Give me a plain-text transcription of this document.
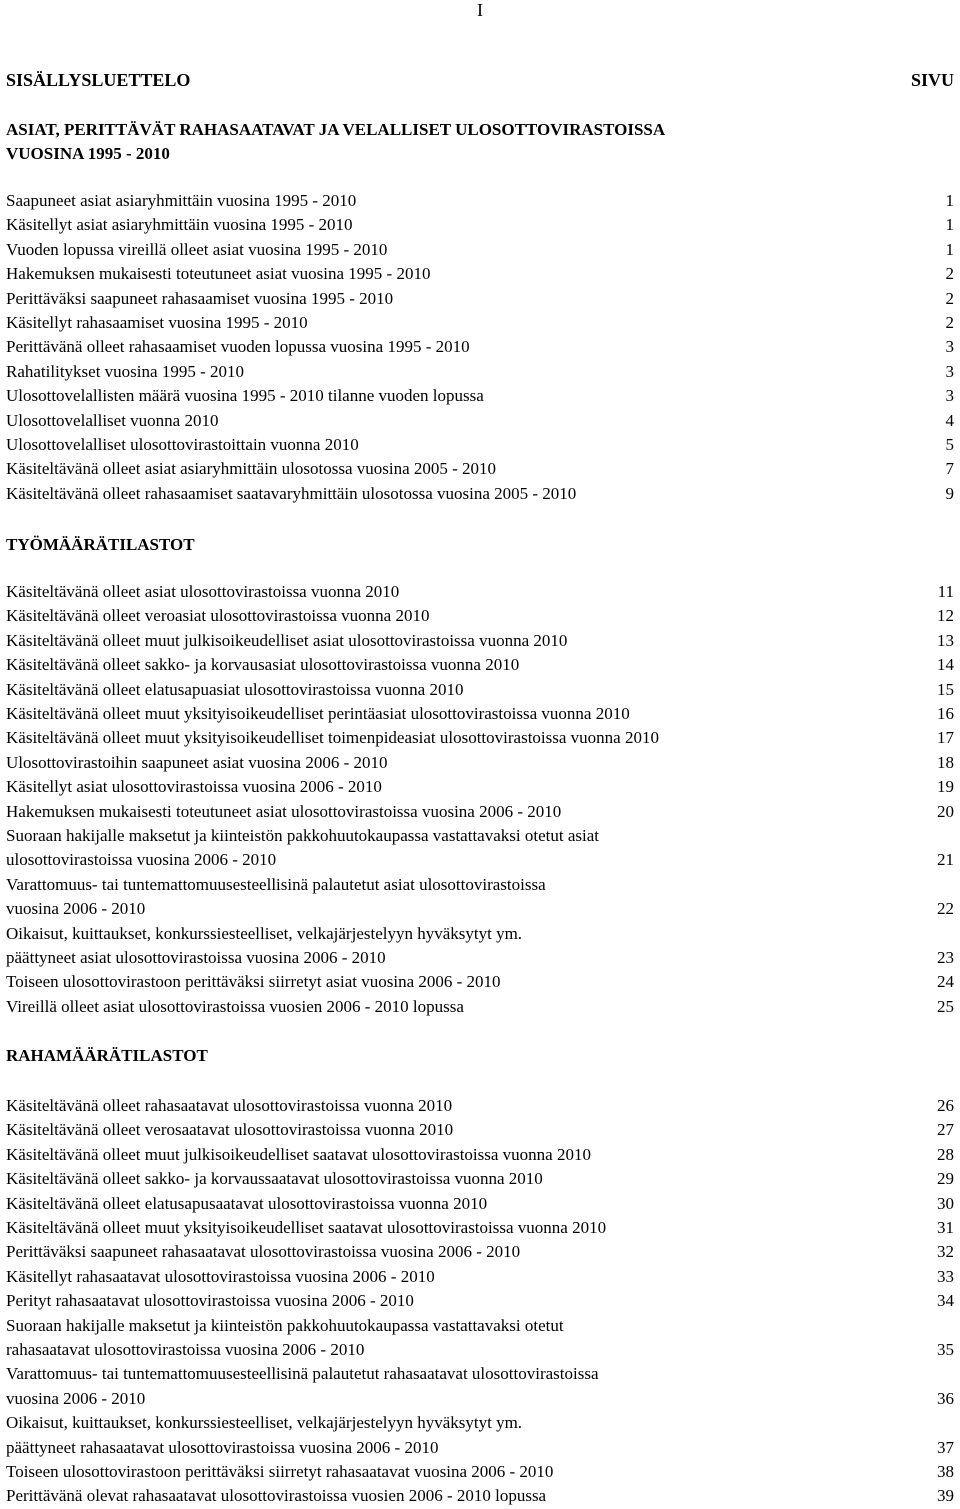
I
SISÄLLYSLUETTELO	SIVU
ASIAT, PERITTÄVÄT RAHASAATAVAT JA VELALLISET ULOSOTTOVIRASTOISSA
VUOSINA 1995 - 2010
Saapuneet asiat asiaryhmittäin vuosina 1995 - 2010	1
Käsitellyt asiat asiaryhmittäin vuosina 1995 - 2010	1
Vuoden lopussa vireillä olleet asiat vuosina 1995 - 2010	1
Hakemuksen mukaisesti toteutuneet asiat vuosina 1995 - 2010	2
Perittäväksi saapuneet rahasaamiset vuosina 1995 - 2010	2
Käsitellyt rahasaamiset vuosina 1995 - 2010	2
Perittävänä olleet rahasaamiset vuoden lopussa vuosina 1995 - 2010	3
Rahatilitykset vuosina 1995 - 2010	3
Ulosottovelallisten määrä vuosina 1995 - 2010 tilanne vuoden lopussa	3
Ulosottovelalliset vuonna 2010	4
Ulosottovelalliset ulosottovirastoittain vuonna 2010	5
Käsiteltävänä olleet asiat asiaryhmittäin ulosotossa vuosina 2005 - 2010	7
Käsiteltävänä olleet rahasaamiset saatavaryhmittäin ulosotossa vuosina 2005 - 2010	9
TYÖMÄÄRÄTILASTOT
Käsiteltävänä olleet asiat ulosottovirastoissa vuonna 2010	11
Käsiteltävänä olleet veroasiat ulosottovirastoissa vuonna 2010	12
Käsiteltävänä olleet muut julkisoikeudelliset asiat ulosottovirastoissa vuonna 2010	13
Käsiteltävänä olleet sakko- ja korvausasiat ulosottovirastoissa vuonna 2010	14
Käsiteltävänä olleet elatusapuasiat ulosottovirastoissa vuonna 2010	15
Käsiteltävänä olleet muut yksityisoikeudelliset perintäasiat ulosottovirastoissa vuonna 2010	16
Käsiteltävänä olleet muut yksityisoikeudelliset toimenpideasiat ulosottovirastoissa vuonna 2010	17
Ulosottovirastoihin saapuneet asiat vuosina 2006 - 2010	18
Käsitellyt asiat ulosottovirastoissa vuosina 2006 - 2010	19
Hakemuksen mukaisesti toteutuneet asiat ulosottovirastoissa vuosina 2006 - 2010	20
Suoraan hakijalle maksetut ja kiinteistön pakkohuutokaupassa vastattavaksi otetut asiat
ulosottovirastoissa vuosina 2006 - 2010	21
Varattomuus- tai tuntemattomuusesteellisinä palautetut asiat ulosottovirastoissa
vuosina 2006 - 2010	22
Oikaisut, kuittaukset, konkurssiesteelliset, velkajärjestelyyn hyväksytyt ym.
päättyneet asiat ulosottovirastoissa vuosina 2006 - 2010	23
Toiseen ulosottovirastoon perittäväksi siirretyt asiat vuosina 2006 - 2010	24
Vireillä olleet asiat ulosottovirastoissa vuosien 2006 - 2010 lopussa	25
RAHAMÄÄRÄTILASTOT
Käsiteltävänä olleet rahasaatavat ulosottovirastoissa vuonna 2010	26
Käsiteltävänä olleet verosaatavat ulosottovirastoissa vuonna 2010	27
Käsiteltävänä olleet muut julkisoikeudelliset saatavat ulosottovirastoissa vuonna 2010	28
Käsiteltävänä olleet sakko- ja korvaussaatavat ulosottovirastoissa vuonna 2010	29
Käsiteltävänä olleet elatusapusaatavat ulosottovirastoissa vuonna 2010	30
Käsiteltävänä olleet muut yksityisoikeudelliset saatavat ulosottovirastoissa vuonna 2010	31
Perittäväksi saapuneet rahasaatavat ulosottovirastoissa vuosina 2006 - 2010	32
Käsitellyt rahasaatavat ulosottovirastoissa vuosina 2006 - 2010	33
Perityt rahasaatavat ulosottovirastoissa vuosina 2006 - 2010	34
Suoraan hakijalle maksetut ja kiinteistön pakkohuutokaupassa vastattavaksi otetut
rahasaatavat ulosottovirastoissa vuosina 2006 - 2010	35
Varattomuus- tai tuntemattomuusesteellisinä palautetut rahasaatavat ulosottovirastoissa
vuosina 2006 - 2010	36
Oikaisut, kuittaukset, konkurssiesteelliset, velkajärjestelyyn hyväksytyt ym.
päättyneet rahasaatavat ulosottovirastoissa vuosina 2006 - 2010	37
Toiseen ulosottovirastoon perittäväksi siirretyt rahasaatavat vuosina 2006 - 2010	38
Perittävänä olevat rahasaatavat ulosottovirastoissa vuosien 2006 - 2010 lopussa	39
